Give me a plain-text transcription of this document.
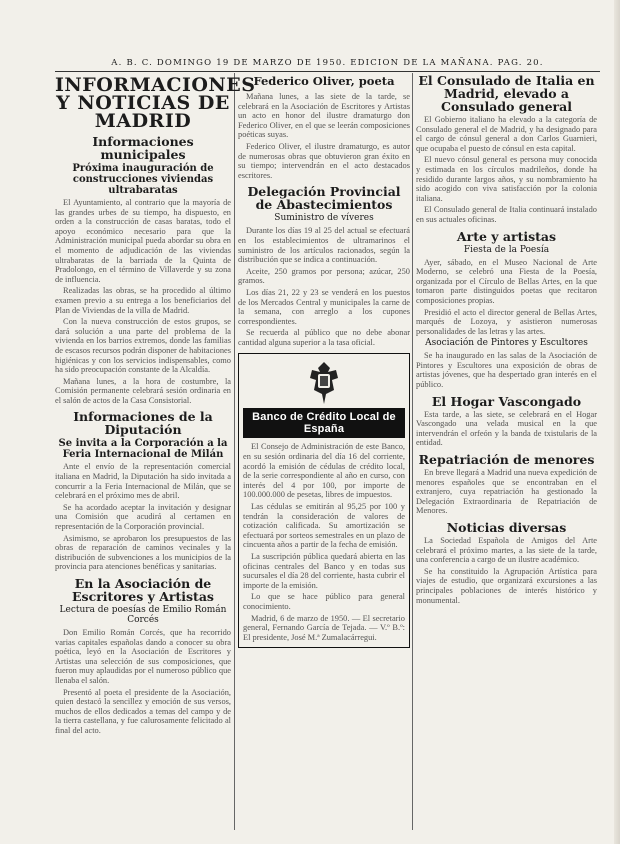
A. B. C. DOMINGO 19 DE MARZO DE 1950. EDICION DE LA MAÑANA. PAG. 20.
INFORMACIONES Y NOTICIAS DE MADRID
Informaciones municipales
Próxima inauguración de construcciones viviendas ultrabaratas

El Ayuntamiento, al contrario que la mayoría de las grandes urbes de su tiempo, ha dispuesto, en orden a la construcción de casas baratas, todo el apoyo económico necesario para que la Administración municipal pueda abordar su obra en el momento de adjudicación de las viviendas ultrabaratas de la barriada de la Quinta de Pradolongo, en el término de Villaverde y su zona de influencia.

Realizadas las obras, se ha procedido al último examen previo a su entrega a los beneficiarios del Plan de Viviendas de la villa de Madrid.

Con la nueva construcción de estos grupos, se dará solución a una parte del problema de la vivienda en los barrios extremos, donde las familias de escasos recursos podrán disponer de habitaciones higiénicas y con los servicios indispensables, como ha sido preocupación constante de la Alcaldía.

Mañana lunes, a la hora de costumbre, la Comisión permanente celebrará sesión ordinaria en el salón de actos de la Casa Consistorial.

Informaciones de la Diputación
Se invita a la Corporación a la Feria Internacional de Milán

Ante el envío de la representación comercial italiana en Madrid, la Diputación ha sido invitada a concurrir a la Feria Internacional de Milán, que se celebrará en el próximo mes de abril.

Se ha acordado aceptar la invitación y designar una Comisión que acudirá al certamen en representación de la Corporación provincial.

Asimismo, se aprobaron los presupuestos de las obras de reparación de caminos vecinales y la distribución de subvenciones a los municipios de la provincia para atenciones benéficas y sanitarias.

En la Asociación de Escritores y Artistas
Lectura de poesías de Emilio Román Corcés

Don Emilio Román Corcés, que ha recorrido varias capitales españolas dando a conocer su obra poética, leyó en la Asociación de Escritores y Artistas una selección de sus composiciones, que fueron muy aplaudidas por el numeroso público que llenaba el salón.

Presentó al poeta el presidente de la Asociación, quien destacó la sencillez y emoción de sus versos, muchos de ellos dedicados a temas del campo y de la tierra castellana, y fue calurosamente felicitado al final del acto.

Federico Oliver, poeta

Mañana lunes, a las siete de la tarde, se celebrará en la Asociación de Escritores y Artistas un acto en honor del ilustre dramaturgo don Federico Oliver, en el que se leerán composiciones poéticas suyas.

Federico Oliver, el ilustre dramaturgo, es autor de numerosas obras que obtuvieron gran éxito en su tiempo; intervendrán en el acto destacados escritores.

Delegación Provincial de Abastecimientos
Suministro de víveres

Durante los días 19 al 25 del actual se efectuará en los establecimientos de ultramarinos el suministro de los artículos racionados, según la distribución que se indica a continuación.

Aceite, 250 gramos por persona; azúcar, 250 gramos.

Los días 21, 22 y 23 se venderá en los puestos de los Mercados Central y municipales la carne de la semana, con arreglo a los cupones correspondientes.

Se recuerda al público que no debe abonar cantidad alguna superior a la tasa oficial.

Banco de Crédito Local de España

El Consejo de Administración de este Banco, en su sesión ordinaria del día 16 del corriente, acordó la emisión de cédulas de crédito local, de la serie correspondiente al año en curso, con interés del 4 por 100, por importe de 100.000.000 de pesetas, libres de impuestos.

Las cédulas se emitirán al 95,25 por 100 y tendrán la consideración de valores de cotización calificada. Su amortización se efectuará por sorteos semestrales en un plazo de cincuenta años a partir de la fecha de emisión.

La suscripción pública quedará abierta en las oficinas centrales del Banco y en todas sus sucursales el día 28 del corriente, hasta cubrir el importe de la emisión.

Lo que se hace público para general conocimiento.

Madrid, 6 de marzo de 1950. — El secretario general, Fernando García de Tejada. — V.º B.º: El presidente, José M.ª Zumalacárregui.

El Consulado de Italia en Madrid, elevado a Consulado general

El Gobierno italiano ha elevado a la categoría de Consulado general el de Madrid, y ha designado para el cargo de cónsul general a don Carlos Guarnieri, que ocupaba el puesto de cónsul en esta capital.

El nuevo cónsul general es persona muy conocida y estimada en los círculos madrileños, donde ha residido durante largos años, y su nombramiento ha sido acogido con viva satisfacción por la colonia italiana.

El Consulado general de Italia continuará instalado en sus actuales oficinas.

Arte y artistas
Fiesta de la Poesía

Ayer, sábado, en el Museo Nacional de Arte Moderno, se celebró una Fiesta de la Poesía, organizada por el Círculo de Bellas Artes, en la que tomaron parte distinguidos poetas que recitaron composiciones propias.

Presidió el acto el director general de Bellas Artes, marqués de Lozoya, y asistieron numerosas personalidades de las letras y las artes.

Asociación de Pintores y Escultores

Se ha inaugurado en las salas de la Asociación de Pintores y Escultores una exposición de obras de artistas jóvenes, que ha despertado gran interés en el público.

El Hogar Vascongado

Esta tarde, a las siete, se celebrará en el Hogar Vascongado una velada musical en la que intervendrán el orfeón y la banda de txistularis de la entidad.

Repatriación de menores

En breve llegará a Madrid una nueva expedición de menores españoles que se encontraban en el extranjero, cuya repatriación ha gestionado la Delegación Extraordinaria de Repatriación de Menores.

Noticias diversas

La Sociedad Española de Amigos del Arte celebrará el próximo martes, a las siete de la tarde, una conferencia a cargo de un ilustre académico.

Se ha constituido la Agrupación Artística para viajes de estudio, que organizará excursiones a las principales poblaciones de interés histórico y monumental.
